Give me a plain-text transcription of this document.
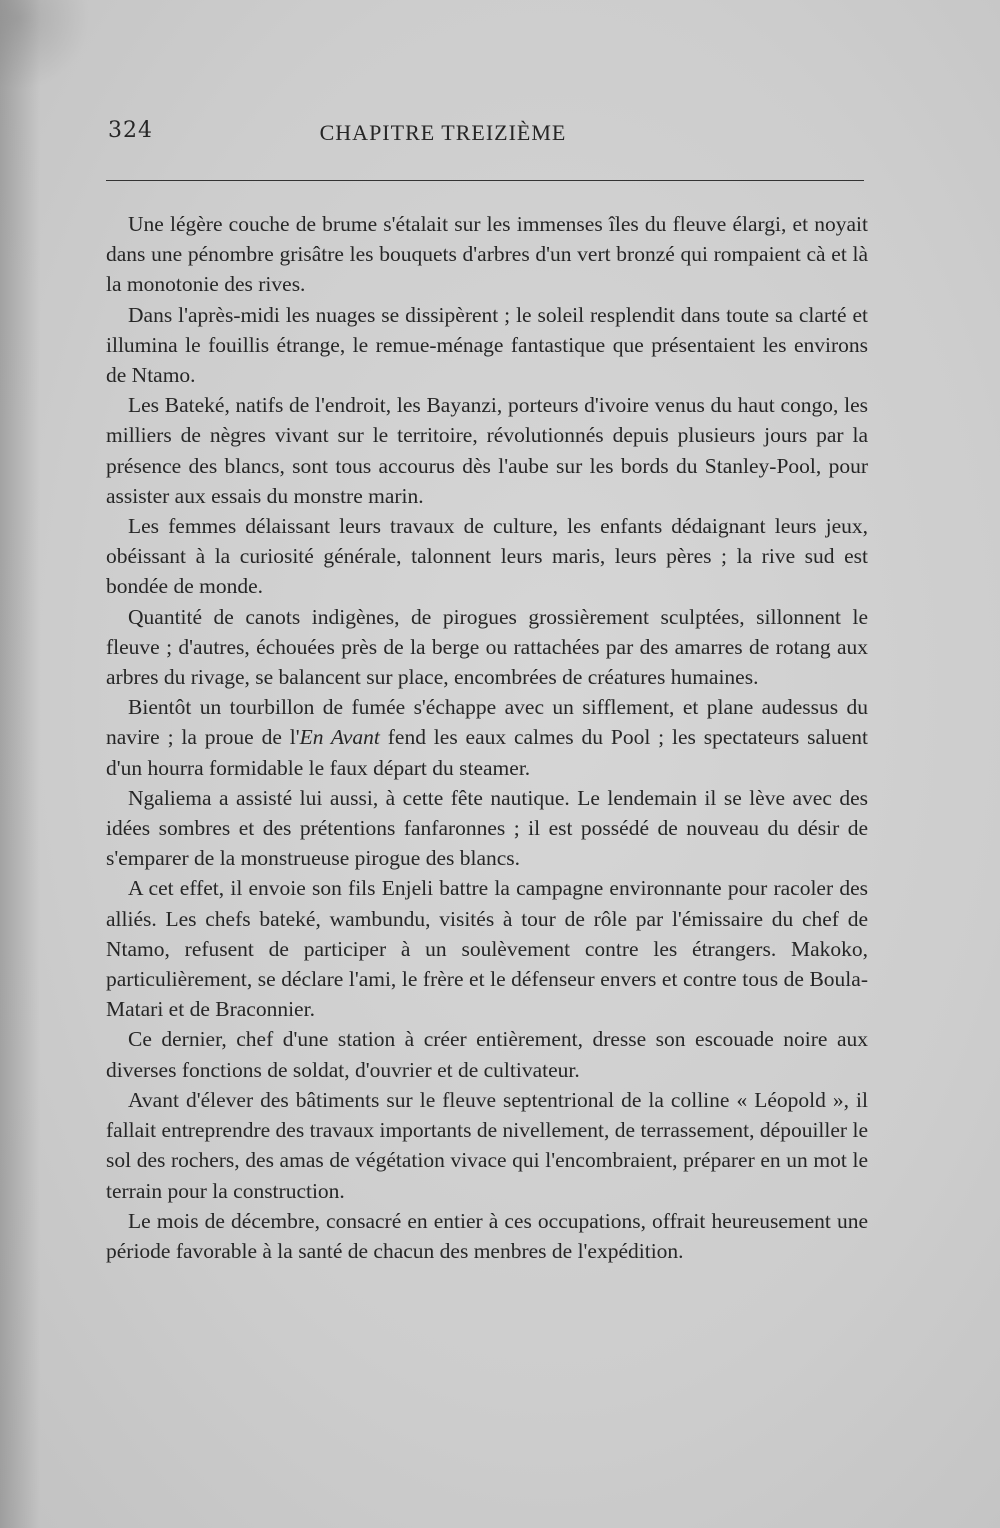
324	CHAPITRE TREIZIÈME

Une légère couche de brume s'étalait sur les immenses îles du fleuve élargi, et noyait dans une pénombre grisâtre les bouquets d'arbres d'un vert bronzé qui rompaient cà et là la monotonie des rives.

Dans l'après-midi les nuages se dissipèrent ; le soleil resplendit dans toute sa clarté et illumina le fouillis étrange, le remue-ménage fantastique que présentaient les environs de Ntamo.

Les Bateké, natifs de l'endroit, les Bayanzi, porteurs d'ivoire venus du haut congo, les milliers de nègres vivant sur le territoire, révolutionnés depuis plusieurs jours par la présence des blancs, sont tous accourus dès l'aube sur les bords du Stanley-Pool, pour assister aux essais du monstre marin.

Les femmes délaissant leurs travaux de culture, les enfants dédaignant leurs jeux, obéissant à la curiosité générale, talonnent leurs maris, leurs pères ; la rive sud est bondée de monde.

Quantité de canots indigènes, de pirogues grossièrement sculptées, sillonnent le fleuve ; d'autres, échouées près de la berge ou rattachées par des amarres de rotang aux arbres du rivage, se balancent sur place, encombrées de créatures humaines.

Bientôt un tourbillon de fumée s'échappe avec un sifflement, et plane audessus du navire ; la proue de l'En Avant fend les eaux calmes du Pool ; les spectateurs saluent d'un hourra formidable le faux départ du steamer.

Ngaliema a assisté lui aussi, à cette fête nautique. Le lendemain il se lève avec des idées sombres et des prétentions fanfaronnes ; il est possédé de nouveau du désir de s'emparer de la monstrueuse pirogue des blancs.

A cet effet, il envoie son fils Enjeli battre la campagne environnante pour racoler des alliés. Les chefs bateké, wambundu, visités à tour de rôle par l'émissaire du chef de Ntamo, refusent de participer à un soulèvement contre les étrangers. Makoko, particulièrement, se déclare l'ami, le frère et le défenseur envers et contre tous de Boula-Matari et de Braconnier.

Ce dernier, chef d'une station à créer entièrement, dresse son escouade noire aux diverses fonctions de soldat, d'ouvrier et de cultivateur.

Avant d'élever des bâtiments sur le fleuve septentrional de la colline « Léopold », il fallait entreprendre des travaux importants de nivellement, de terrassement, dépouiller le sol des rochers, des amas de végétation vivace qui l'encombraient, préparer en un mot le terrain pour la construction.

Le mois de décembre, consacré en entier à ces occupations, offrait heureusement une période favorable à la santé de chacun des menbres de l'expédition.
